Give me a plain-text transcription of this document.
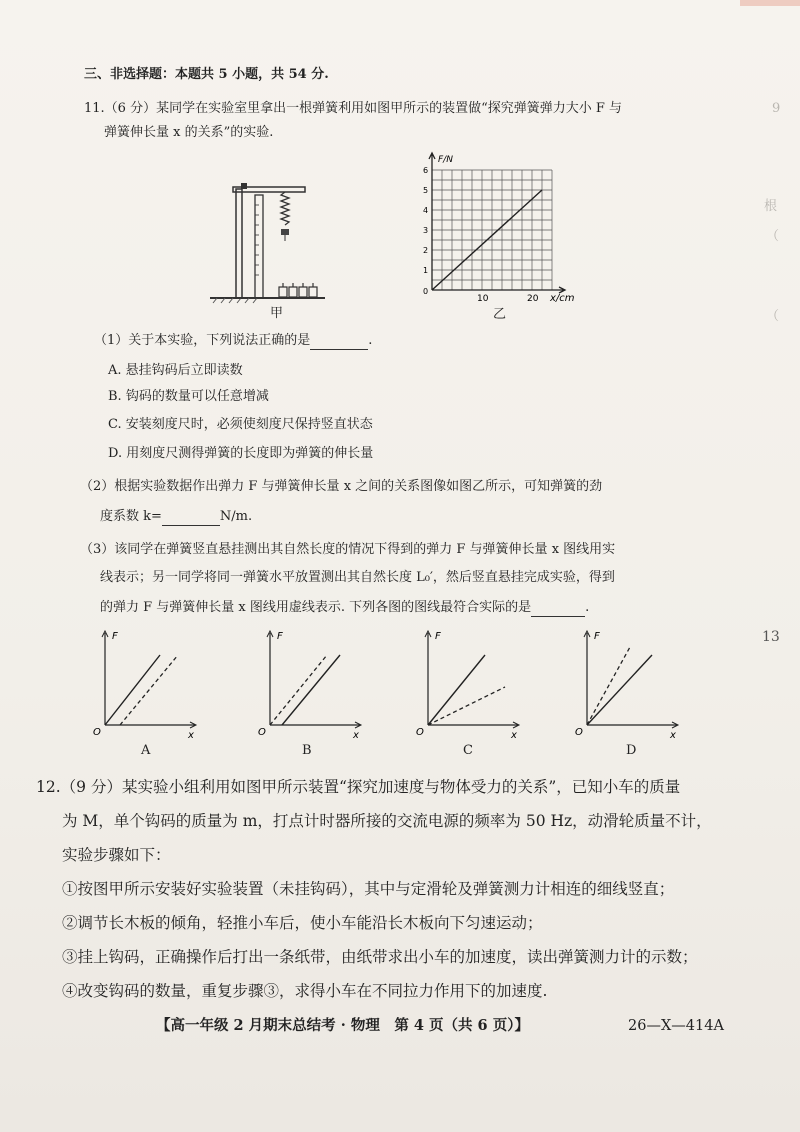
三、非选择题：本题共 5 小题，共 54 分.
11.（6 分）某同学在实验室里拿出一根弹簧利用如图甲所示的装置做“探究弹簧弹力大小 F 与
弹簧伸长量 x 的关系”的实验.
甲
0
1
2
3
4
5
6
10	20
F/N
x/cm
乙
（1）关于本实验，下列说法正确的是	.
A. 悬挂钩码后立即读数
B. 钩码的数量可以任意增减
C. 安装刻度尺时，必须使刻度尺保持竖直状态
D. 用刻度尺测得弹簧的长度即为弹簧的伸长量
（2）根据实验数据作出弹力 F 与弹簧伸长量 x 之间的关系图像如图乙所示，可知弹簧的劲
度系数 k=	N/m.
（3）该同学在弹簧竖直悬挂测出其自然长度的情况下得到的弹力 F 与弹簧伸长量 x 图线用实
线表示；另一同学将同一弹簧水平放置测出其自然长度 L₀′，然后竖直悬挂完成实验，得到
的弹力 F 与弹簧伸长量 x 图线用虚线表示. 下列各图的图线最符合实际的是	.
F
x
O
A
F
x
O
B
F
x
O
C
F
x
O
D
12.（9 分）某实验小组利用如图甲所示装置“探究加速度与物体受力的关系”，已知小车的质量
为 M，单个钩码的质量为 m，打点计时器所接的交流电源的频率为 50 Hz，动滑轮质量不计，
实验步骤如下：
①按图甲所示安装好实验装置（未挂钩码），其中与定滑轮及弹簧测力计相连的细线竖直；
②调节长木板的倾角，轻推小车后，使小车能沿长木板向下匀速运动；
③挂上钩码，正确操作后打出一条纸带，由纸带求出小车的加速度，读出弹簧测力计的示数；
④改变钩码的数量，重复步骤③，求得小车在不同拉力作用下的加速度.
【高一年级 2 月期末总结考 · 物理　第 4 页（共 6 页）】	26—X—414A
9
根
（
（
13
